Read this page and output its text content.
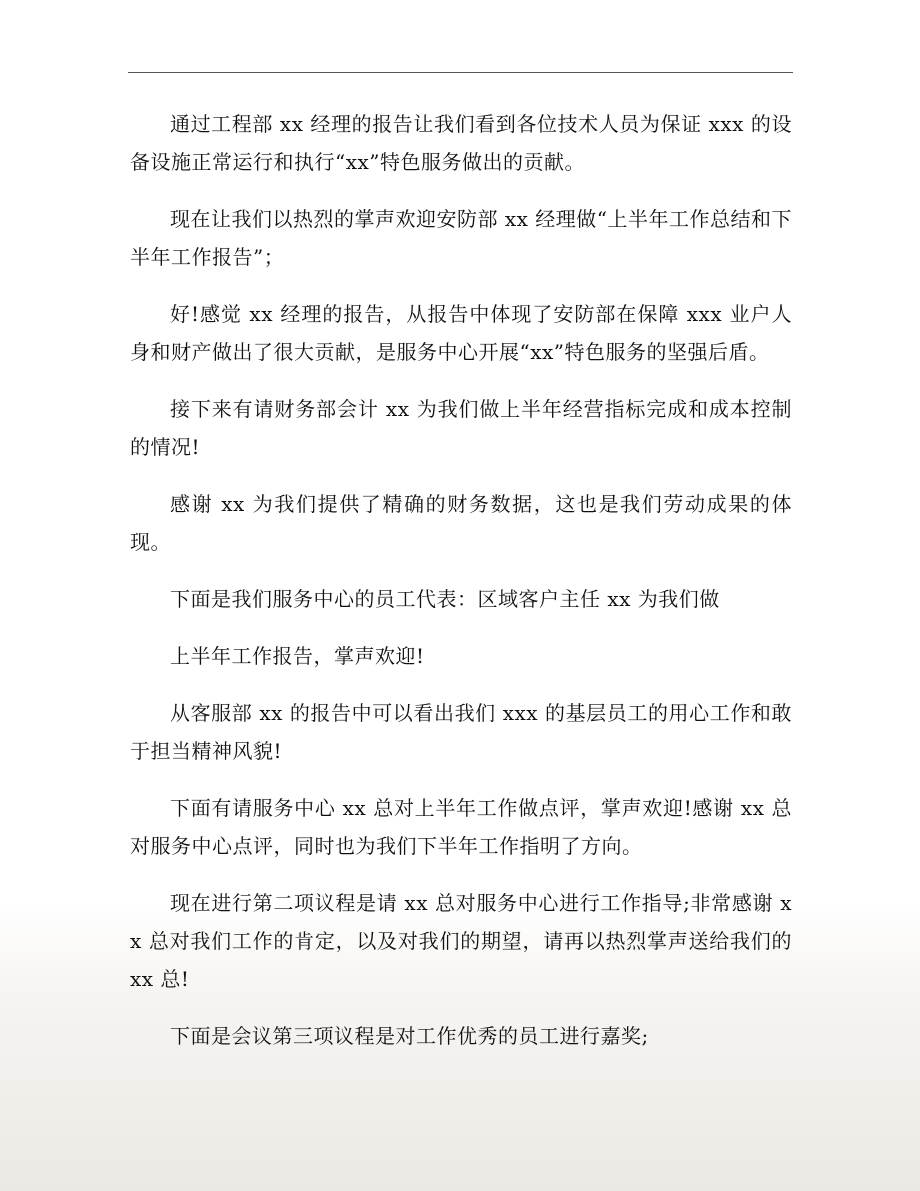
通过工程部 xx 经理的报告让我们看到各位技术人员为保证 xxx 的设备设施正常运行和执行“xx”特色服务做出的贡献。

现在让我们以热烈的掌声欢迎安防部 xx 经理做“上半年工作总结和下半年工作报告”；

好!感觉 xx 经理的报告，从报告中体现了安防部在保障 xxx 业户人身和财产做出了很大贡献，是服务中心开展“xx”特色服务的坚强后盾。

接下来有请财务部会计 xx 为我们做上半年经营指标完成和成本控制的情况!

感谢 xx 为我们提供了精确的财务数据，这也是我们劳动成果的体现。

下面是我们服务中心的员工代表：区域客户主任 xx 为我们做

上半年工作报告，掌声欢迎!

从客服部 xx 的报告中可以看出我们 xxx 的基层员工的用心工作和敢于担当精神风貌!

下面有请服务中心 xx 总对上半年工作做点评，掌声欢迎!感谢 xx 总对服务中心点评，同时也为我们下半年工作指明了方向。

现在进行第二项议程是请 xx 总对服务中心进行工作指导;非常感谢 xx 总对我们工作的肯定，以及对我们的期望，请再以热烈掌声送给我们的 xx 总!

下面是会议第三项议程是对工作优秀的员工进行嘉奖;
